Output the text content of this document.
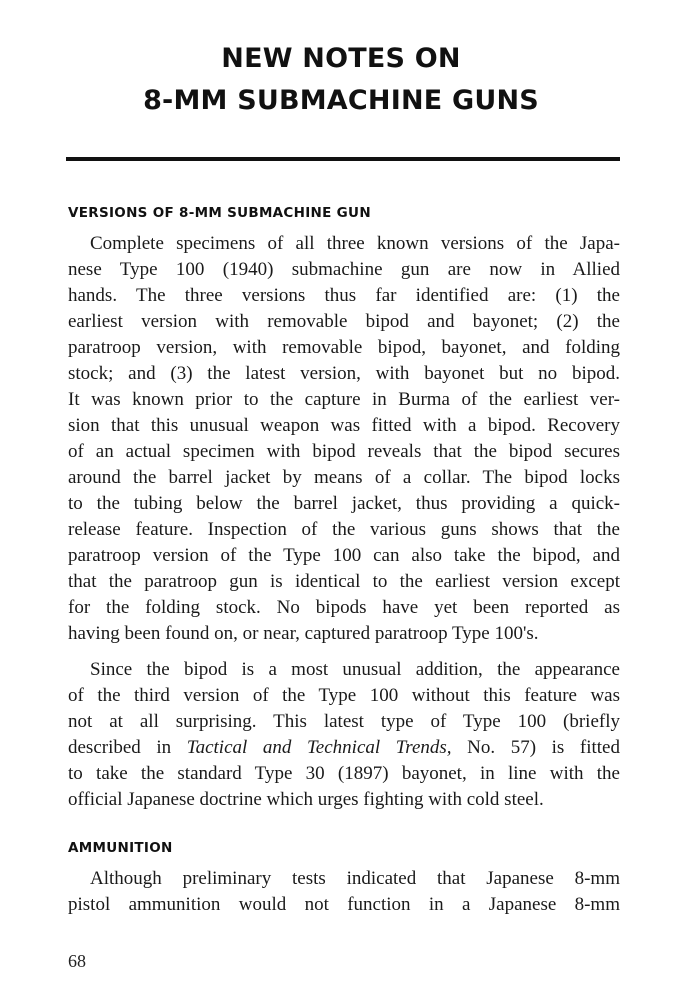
NEW NOTES ON
8-MM SUBMACHINE GUNS
VERSIONS OF 8-MM SUBMACHINE GUN
Complete specimens of all three known versions of the Japa-
nese Type 100 (1940) submachine gun are now in Allied
hands. The three versions thus far identified are: (1) the
earliest version with removable bipod and bayonet; (2) the
paratroop version, with removable bipod, bayonet, and folding
stock; and (3) the latest version, with bayonet but no bipod.
It was known prior to the capture in Burma of the earliest ver-
sion that this unusual weapon was fitted with a bipod. Recovery
of an actual specimen with bipod reveals that the bipod secures
around the barrel jacket by means of a collar. The bipod locks
to the tubing below the barrel jacket, thus providing a quick-
release feature. Inspection of the various guns shows that the
paratroop version of the Type 100 can also take the bipod, and
that the paratroop gun is identical to the earliest version except
for the folding stock. No bipods have yet been reported as
having been found on, or near, captured paratroop Type 100's.
Since the bipod is a most unusual addition, the appearance
of the third version of the Type 100 without this feature was
not at all surprising. This latest type of Type 100 (briefly
described in Tactical and Technical Trends, No. 57) is fitted
to take the standard Type 30 (1897) bayonet, in line with the
official Japanese doctrine which urges fighting with cold steel.
AMMUNITION
Although preliminary tests indicated that Japanese 8-mm
pistol ammunition would not function in a Japanese 8-mm
68
